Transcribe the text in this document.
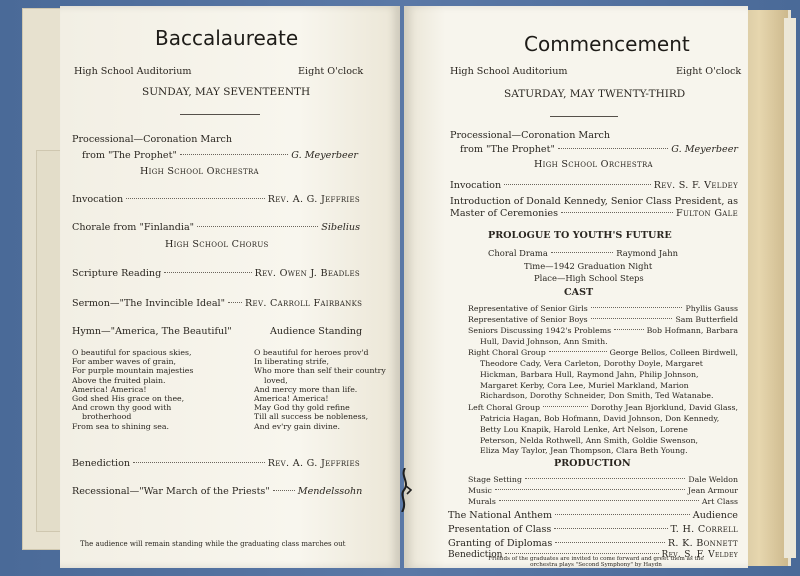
Baccalaureate
High School Auditorium	Eight O'clock
SUNDAY, MAY SEVENTEENTH
Processional—Coronation March
from "The Prophet"	G. Meyerbeer
High School Orchestra
Invocation	Rev. A. G. Jeffries
Chorale from "Finlandia"	Sibelius
High School Chorus
Scripture Reading	Rev. Owen J. Beadles
Sermon—"The Invincible Ideal" Rev. Carroll Fairbanks
Hymn—"America, The Beautiful"	Audience Standing
O beautiful for spacious skies,
For amber waves of grain,
For purple mountain majesties
Above the fruited plain.
America! America!
God shed His grace on thee,
And crown thy good with
brotherhood
From sea to shining sea.
O beautiful for heroes prov'd
In liberating strife,
Who more than self their country
loved,
And mercy more than life.
America! America!
May God thy gold refine
Till all success be nobleness,
And ev'ry gain divine.
Benediction	Rev. A. G. Jeffries
Recessional—"War March of the Priests"	Mendelssohn
The audience will remain standing while the graduating class marches out
Commencement
High School Auditorium	Eight O'clock
SATURDAY, MAY TWENTY-THIRD
Processional—Coronation March
from "The Prophet"	G. Meyerbeer
High School Orchestra
Invocation	Rev. S. F. Veldey
Introduction of Donald Kennedy, Senior Class President, as
Master of Ceremonies	Fulton Gale
PROLOGUE TO YOUTH'S FUTURE
Choral Drama	Raymond Jahn
Time—1942 Graduation Night
Place—High School Steps
CAST
Representative of Senior Girls	Phyllis Gauss
Representative of Senior Boys	Sam Butterfield
Seniors Discussing 1942's Problems	Bob Hofmann, Barbara
Hull, David Johnson, Ann Smith.
Right Choral Group	George Bellos, Colleen Birdwell,
Theodore Cady, Vera Carleton, Dorothy Doyle, Margaret
Hickman, Barbara Hull, Raymond Jahn, Philip Johnson,
Margaret Kerby, Cora Lee, Muriel Markland, Marion
Richardson, Dorothy Schneider, Don Smith, Ted Watanabe.
Left Choral Group	Dorothy Jean Bjorklund, David Glass,
Patricia Hagan, Bob Hofmann, David Johnson, Don Kennedy,
Betty Lou Knapik, Harold Lenke, Art Nelson, Lorene
Peterson, Nelda Rothwell, Ann Smith, Goldie Swenson,
Eliza May Taylor, Jean Thompson, Clara Beth Young.
PRODUCTION
Stage Setting	Dale Weldon
Music	Jean Armour
Murals	Art Class
The National Anthem	Audience
Presentation of Class	T. H. Correll
Granting of Diplomas	R. K. Bonnett
Benediction	Rev. S. F. Veldey
Friends of the graduates are invited to come forward and greet them as the
orchestra plays "Second Symphony" by Haydn
